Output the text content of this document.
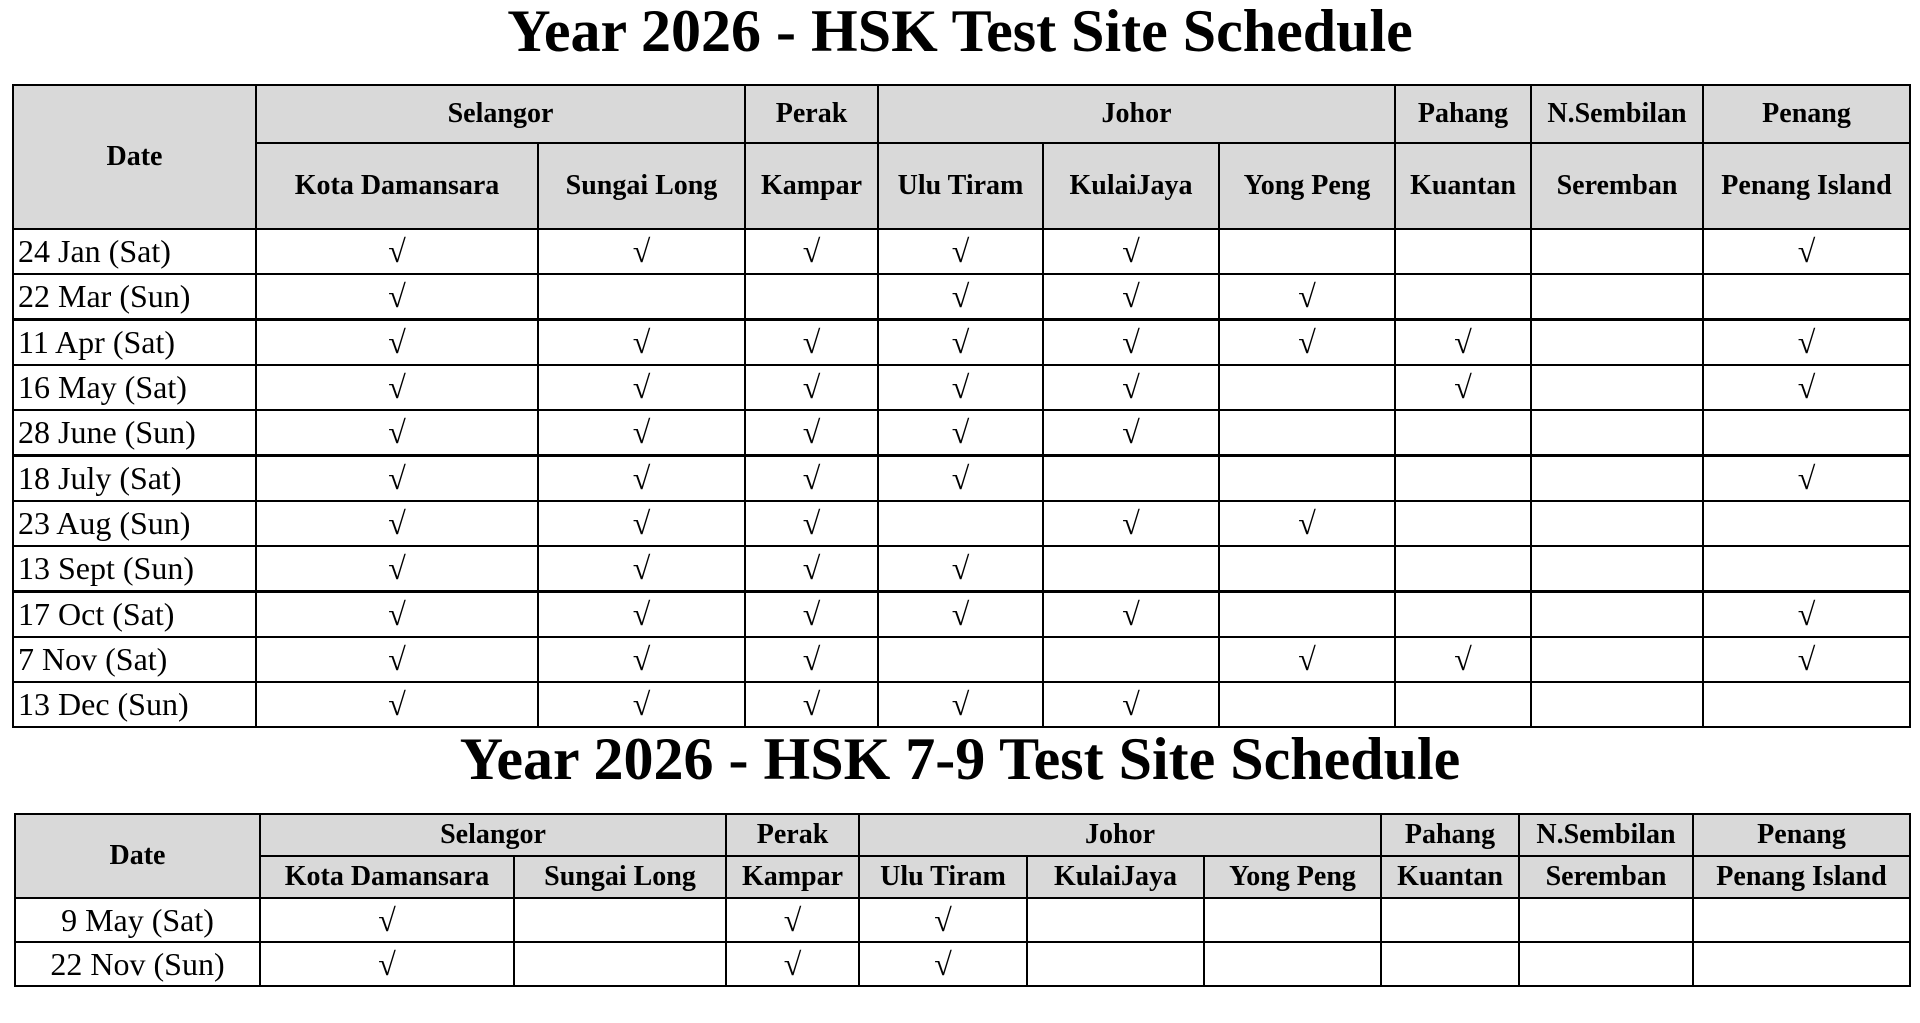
Year 2026 - HSK Test Site Schedule
Date	Selangor		Perak	Johor			Pahang	N.Sembilan	Penang
	Kota Damansara	Sungai Long	Kampar	Ulu Tiram	KulaiJaya	Yong Peng	Kuantan	Seremban	Penang Island
24 Jan (Sat)	√	√	√	√	√				√
22 Mar (Sun)	√			√	√	√			
11 Apr (Sat)	√	√	√	√	√	√	√		√
16 May (Sat)	√	√	√	√	√		√		√
28 June (Sun)	√	√	√	√	√				
18 July (Sat)	√	√	√	√					√
23 Aug (Sun)	√	√	√		√	√			
13 Sept (Sun)	√	√	√	√					
17 Oct (Sat)	√	√	√	√	√				√
7 Nov (Sat)	√	√	√			√	√		√
13 Dec (Sun)	√	√	√	√	√				
Year 2026 - HSK 7-9 Test Site Schedule
Date	Selangor		Perak	Johor			Pahang	N.Sembilan	Penang
	Kota Damansara	Sungai Long	Kampar	Ulu Tiram	KulaiJaya	Yong Peng	Kuantan	Seremban	Penang Island
9 May (Sat)	√		√	√					
22 Nov (Sun)	√		√	√					
